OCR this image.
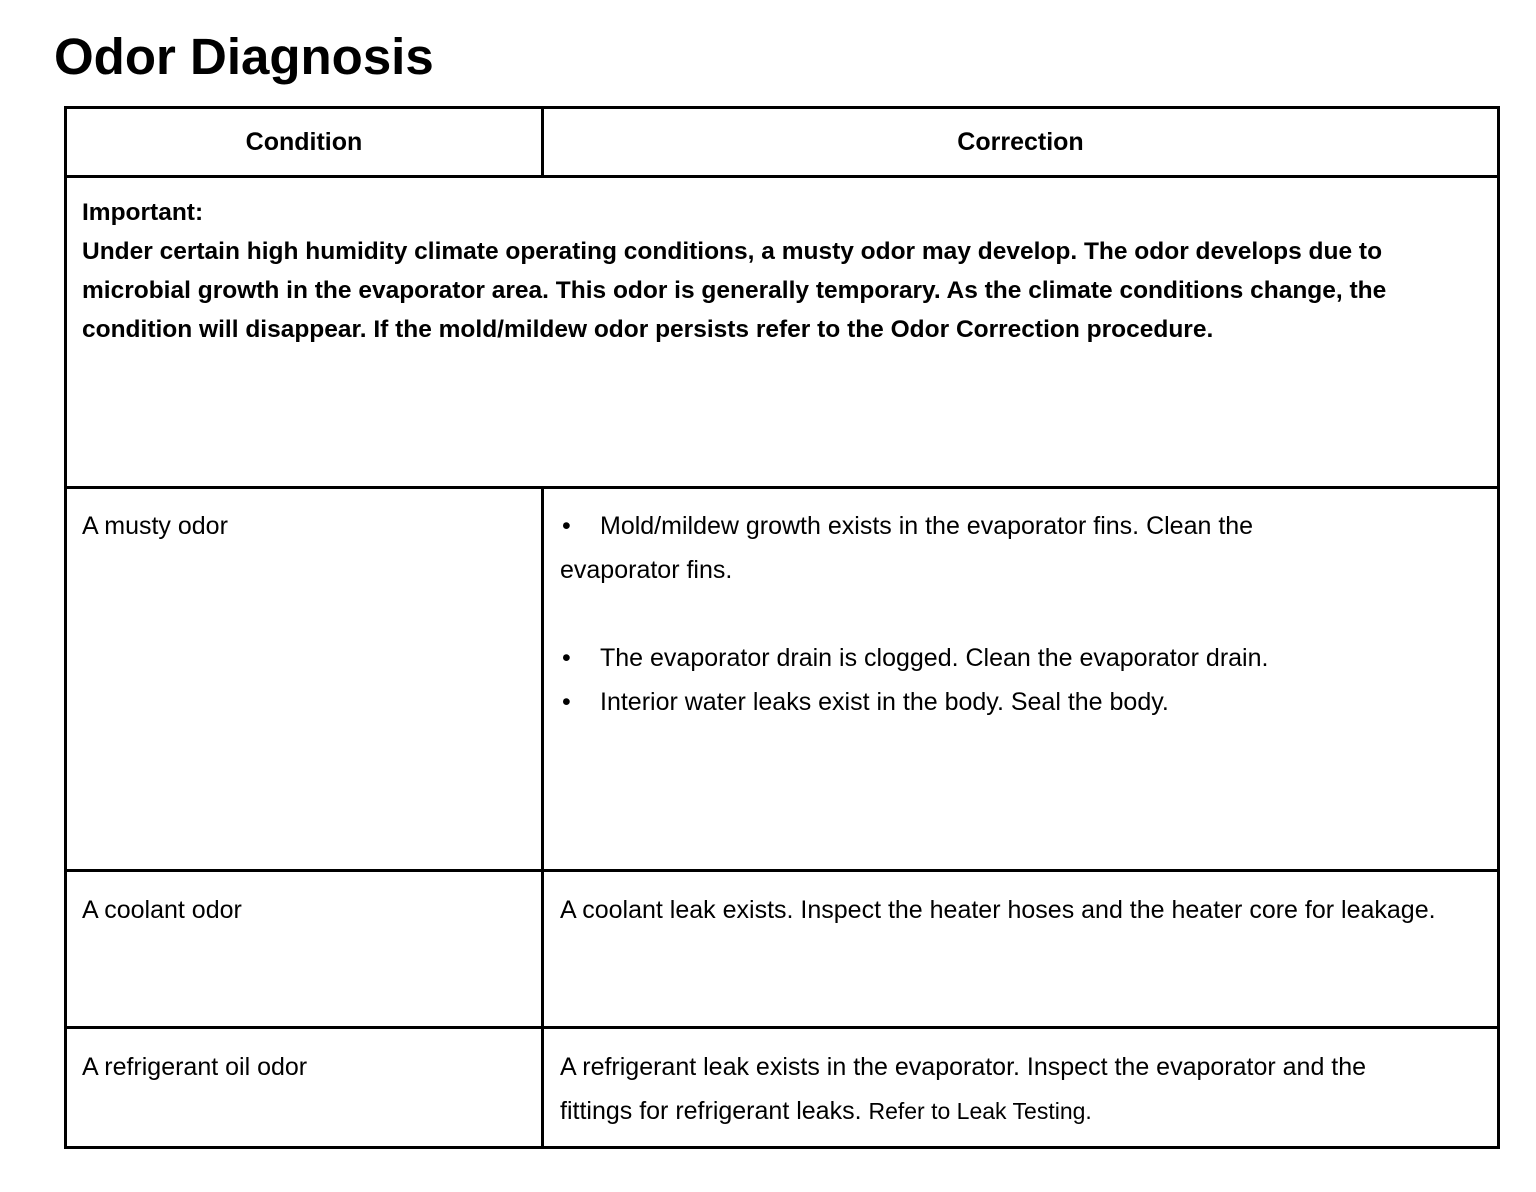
Odor Diagnosis
Condition	Correction

Important:

Under certain high humidity climate operating conditions, a musty odor may develop. The odor develops due to microbial growth in the evaporator area. This odor is generally temporary. As the climate conditions change, the condition will disappear. If the mold/mildew odor persists refer to the Odor Correction procedure.

A musty odor	• Mold/mildew growth exists in the evaporator fins. Clean the evaporator fins.
• The evaporator drain is clogged. Clean the evaporator drain.
• Interior water leaks exist in the body. Seal the body.
A coolant odor	A coolant leak exists. Inspect the heater hoses and the heater core for leakage.
A refrigerant oil odor	A refrigerant leak exists in the evaporator. Inspect the evaporator and the fittings for refrigerant leaks. Refer to Leak Testing.
